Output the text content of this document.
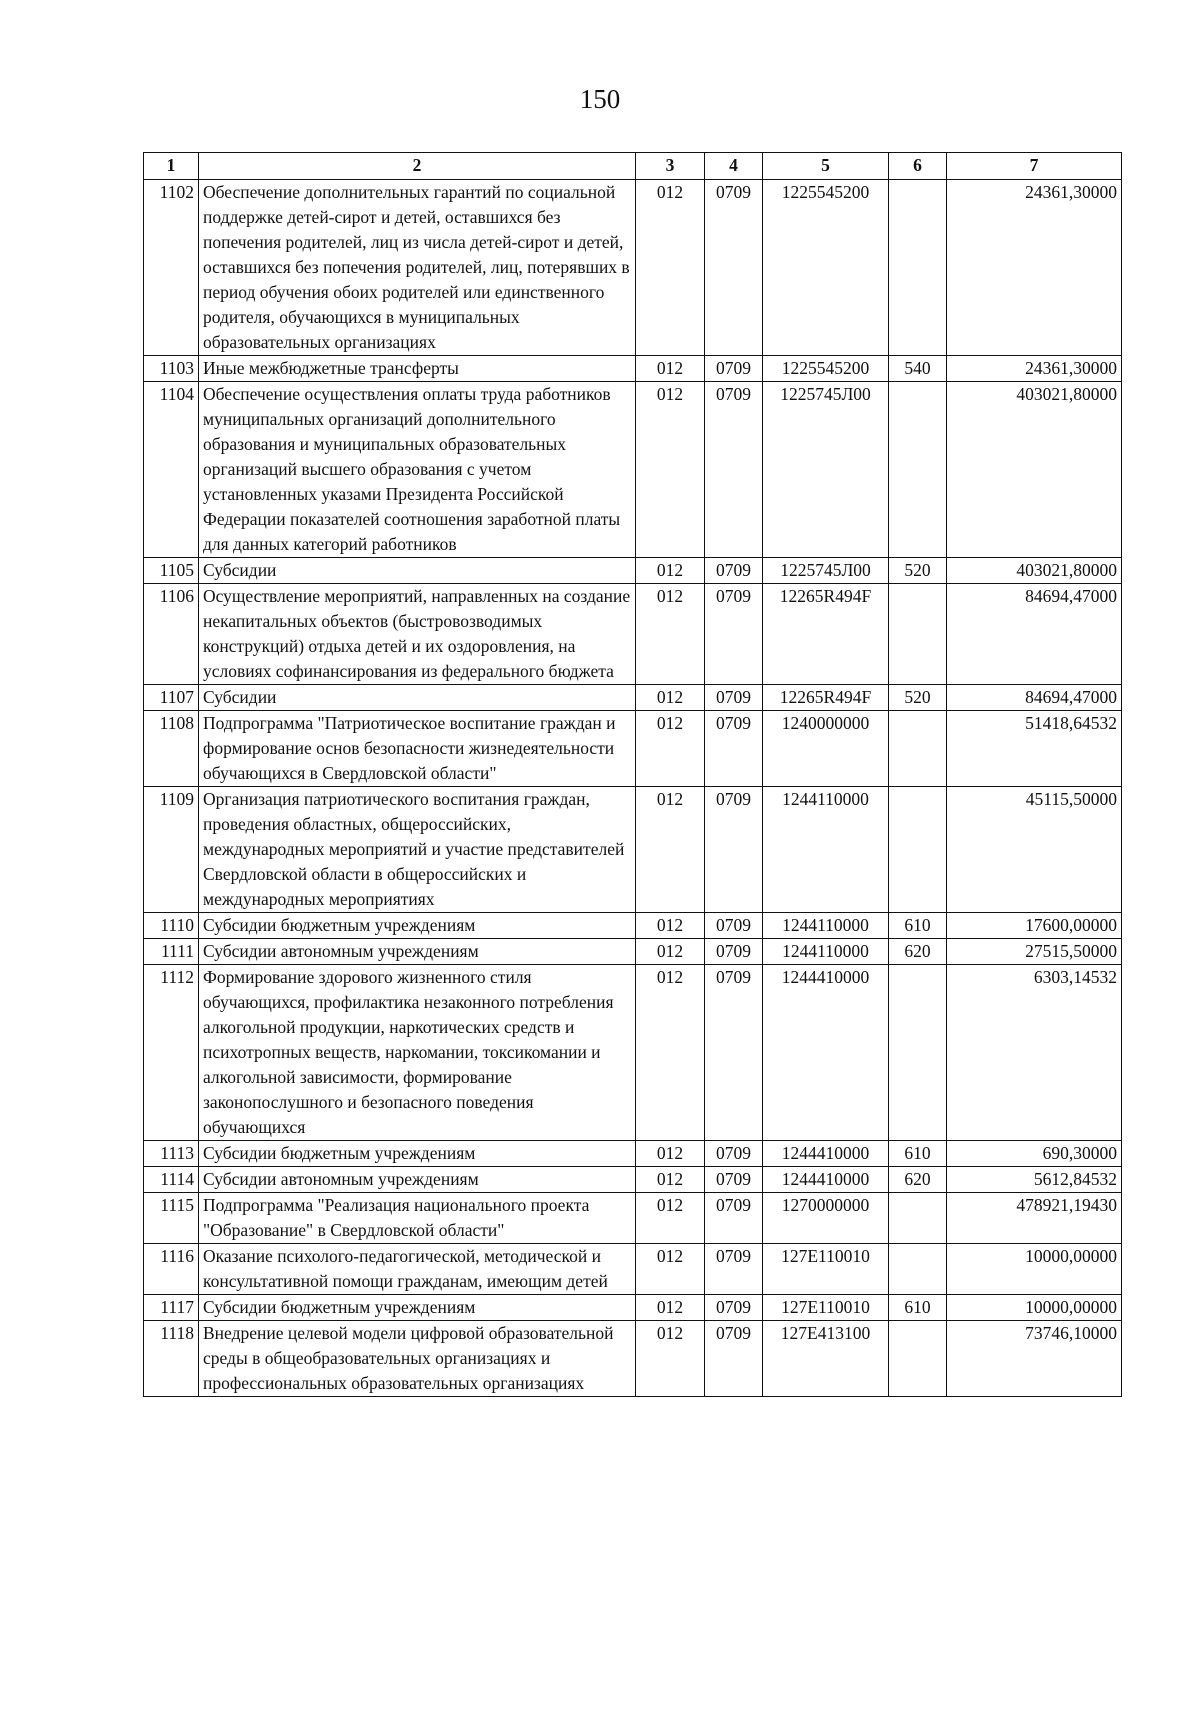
150
1	2	3	4	5	6	7
1102	Обеспечение дополнительных гарантий по социальной поддержке детей-сирот и детей, оставшихся без попечения родителей, лиц из числа детей-сирот и детей, оставшихся без попечения родителей, лиц, потерявших в период обучения обоих родителей или единственного родителя, обучающихся в муниципальных образовательных организациях	012	0709	1225545200		24361,30000
1103	Иные межбюджетные трансферты	012	0709	1225545200	540	24361,30000
1104	Обеспечение осуществления оплаты труда работников муниципальных организаций дополнительного образования и муниципальных образовательных организаций высшего образования с учетом установленных указами Президента Российской Федерации показателей соотношения заработной платы для данных категорий работников	012	0709	1225745Л00		403021,80000
1105	Субсидии	012	0709	1225745Л00	520	403021,80000
1106	Осуществление мероприятий, направленных на создание некапитальных объектов (быстровозводимых конструкций) отдыха детей и их оздоровления, на условиях софинансирования из федерального бюджета	012	0709	12265R494F		84694,47000
1107	Субсидии	012	0709	12265R494F	520	84694,47000
1108	Подпрограмма "Патриотическое воспитание граждан и формирование основ безопасности жизнедеятельности обучающихся в Свердловской области"	012	0709	1240000000		51418,64532
1109	Организация патриотического воспитания граждан, проведения областных, общероссийских, международных мероприятий и участие представителей Свердловской области в общероссийских и международных мероприятиях	012	0709	1244110000		45115,50000
1110	Субсидии бюджетным учреждениям	012	0709	1244110000	610	17600,00000
1111	Субсидии автономным учреждениям	012	0709	1244110000	620	27515,50000
1112	Формирование здорового жизненного стиля обучающихся, профилактика незаконного потребления алкогольной продукции, наркотических средств и психотропных веществ, наркомании, токсикомании и алкогольной зависимости, формирование законопослушного и безопасного поведения обучающихся	012	0709	1244410000		6303,14532
1113	Субсидии бюджетным учреждениям	012	0709	1244410000	610	690,30000
1114	Субсидии автономным учреждениям	012	0709	1244410000	620	5612,84532
1115	Подпрограмма "Реализация национального проекта "Образование" в Свердловской области"	012	0709	1270000000		478921,19430
1116	Оказание психолого-педагогической, методической и консультативной помощи гражданам, имеющим детей	012	0709	127E110010		10000,00000
1117	Субсидии бюджетным учреждениям	012	0709	127E110010	610	10000,00000
1118	Внедрение целевой модели цифровой образовательной среды в общеобразовательных организациях и профессиональных образовательных организациях	012	0709	127E413100		73746,10000
